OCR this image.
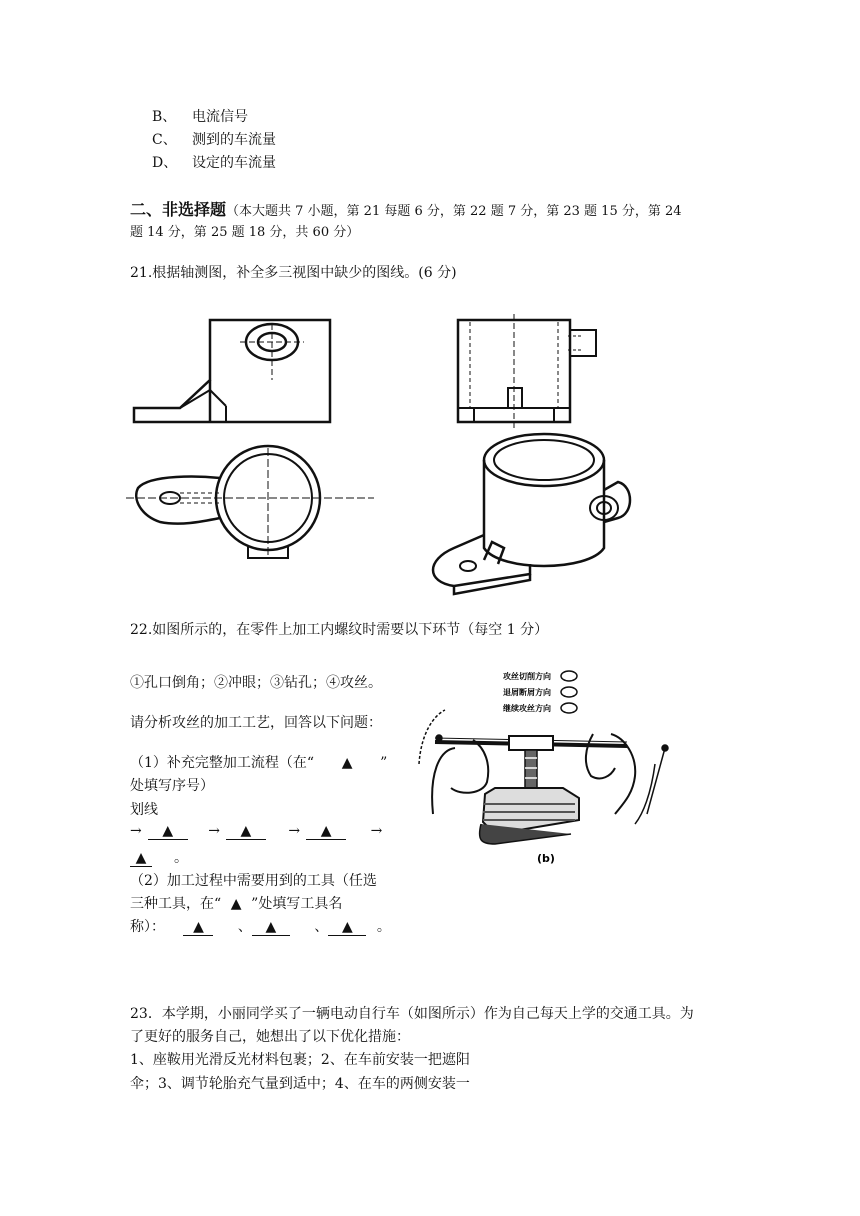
B、 电流信号
C、 测到的车流量
D、 设定的车流量
二、非选择题（本大题共 7 小题，第 21 每题 6 分，第 22 题 7 分，第 23 题 15 分，第 24
题 14 分，第 25 题 18 分，共 60 分）
21.根据轴测图，补全多三视图中缺少的图线。(6 分)
22.如图所示的，在零件上加工内螺纹时需要以下环节（每空 1 分）
①孔口倒角；②冲眼；③钻孔；④攻丝。
请分析攻丝的加工工艺，回答以下问题：
（1）补充完整加工流程（在“ ▲ ”
处填写序号）
划线
→ ▲	→ ▲	→ ▲	→
▲ 。
（2）加工过程中需要用到的工具（任选
三种工具，在“ ▲ ”处填写工具名
称）： ▲ 、 ▲	、 ▲ 。
攻丝切削方向
退屑断屑方向
继续攻丝方向
(b)
23．本学期，小丽同学买了一辆电动自行车（如图所示）作为自己每天上学的交通工具。为
了更好的服务自己，她想出了以下优化措施：
1、座鞍用光滑反光材料包裹；2、在车前安装一把遮阳
伞；3、调节轮胎充气量到适中；4、在车的两侧安装一
